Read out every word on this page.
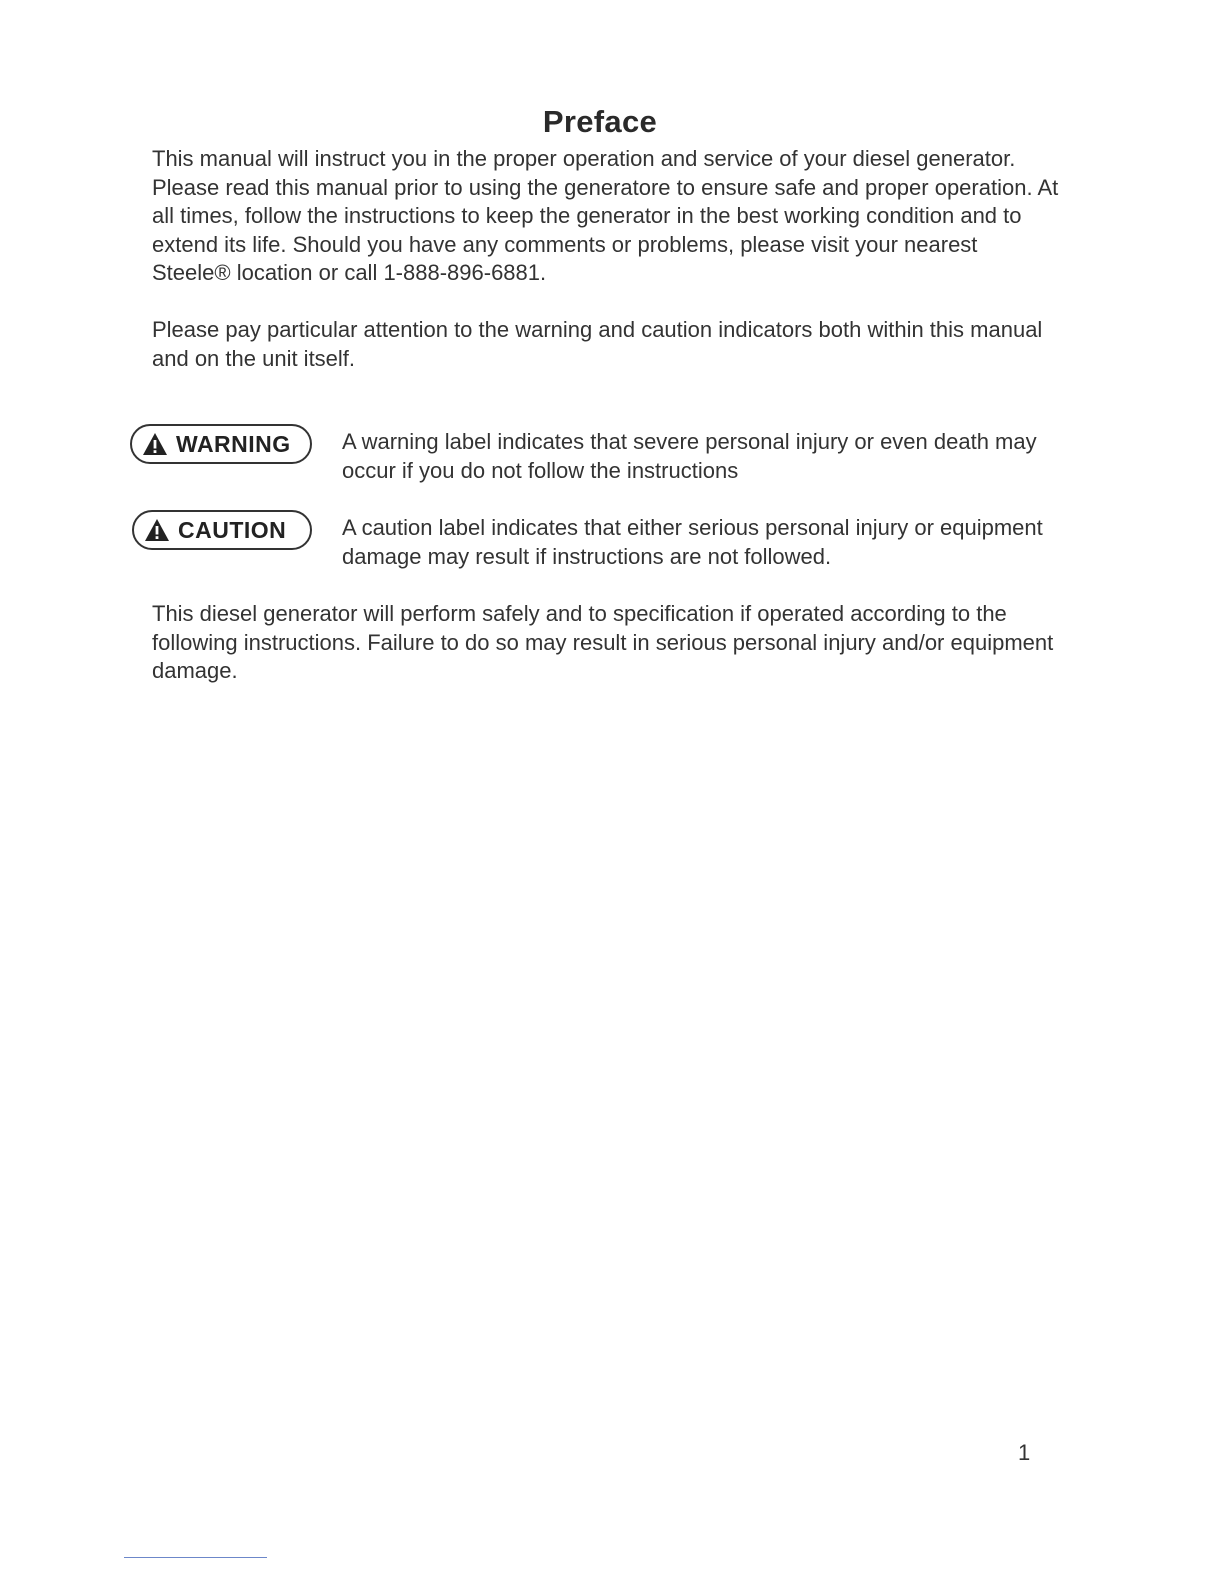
Preface

This manual will instruct you in the proper operation and service of your diesel generator. Please read this manual prior to using the generatore to ensure safe and proper operation. At all times, follow the instructions to keep the generator in the best working condition and to extend its life. Should you have any comments or problems, please visit your nearest Steele® location or call 1-888-896-6881.

Please pay particular attention to the warning and caution indicators both within this manual and on the unit itself.

WARNING A warning label indicates that severe personal injury or even death may occur if you do not follow the instructions

CAUTION	A caution label indicates that either serious personal injury or equipment damage may result if instructions are not followed.

This diesel generator will perform safely and to specification if operated according to the following instructions. Failure to do so may result in serious personal injury and/or equipment damage.

1
